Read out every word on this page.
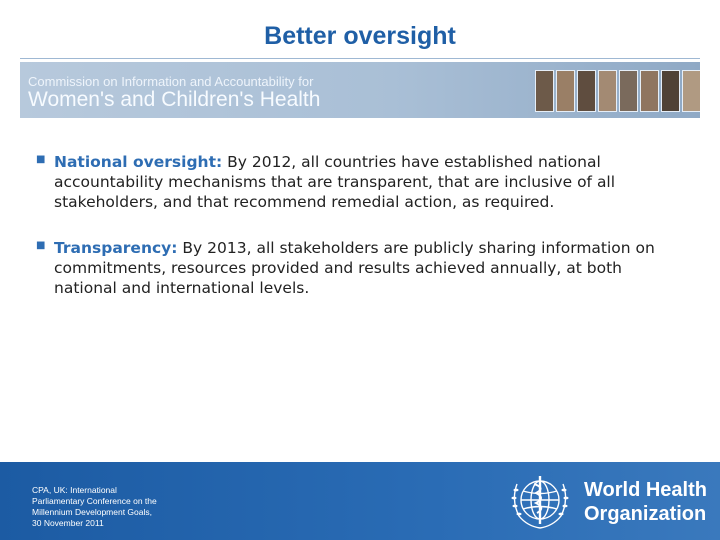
Better oversight
Commission on Information and Accountability for
Women's and Children's Health
■ National oversight: By 2012, all countries have established national accountability mechanisms that are transparent, that are inclusive of all stakeholders, and that recommend remedial action, as required.
■ Transparency: By 2013, all stakeholders are publicly sharing information on commitments, resources provided and results achieved annually, at both national and international levels.
CPA, UK: International
Parliamentary Conference on the
Millennium Development Goals,
30 November 2011
World Health
Organization
